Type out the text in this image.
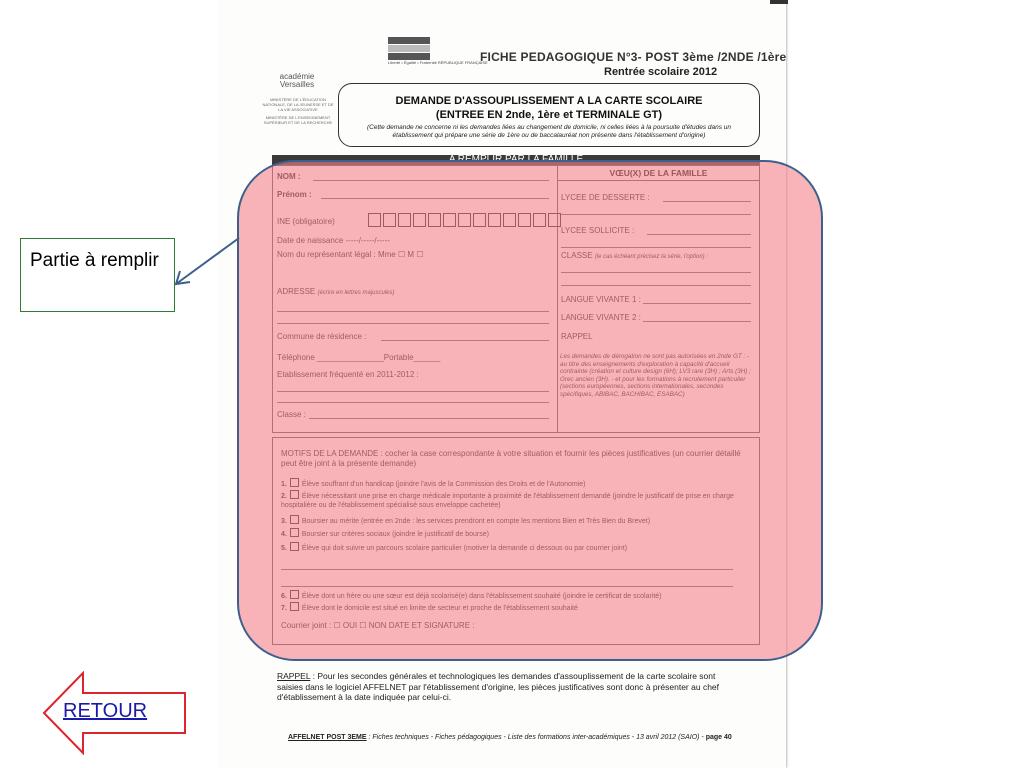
Liberté • Égalité • Fraternité RÉPUBLIQUE FRANÇAISE
FICHE PEDAGOGIQUE N°3- POST 3ème /2NDE /1ère
Rentrée scolaire 2012
académie Versailles
MINISTÈRE DE L'ÉDUCATION NATIONALE, DE LA JEUNESSE ET DE LA VIE ASSOCIATIVE
MINISTÈRE DE L'ENSEIGNEMENT SUPÉRIEUR ET DE LA RECHERCHE
DEMANDE D'ASSOUPLISSEMENT A LA CARTE SCOLAIRE
(ENTREE EN 2nde, 1ère et TERMINALE GT)
(Cette demande ne concerne ni les demandes liées au changement de domicile, ni celles liées à la poursuite d'études dans un établissement qui prépare une série de 1ère ou de baccalauréat non présente dans l'établissement d'origine)
RAPPEL : Pour les secondes générales et technologiques les demandes d'assouplissement de la carte scolaire sont saisies dans le logiciel AFFELNET par l'établissement d'origine, les pièces justificatives sont donc à présenter au chef d'établissement à la date indiquée par celui-ci.
AFFELNET POST 3EME : Fiches techniques - Fiches pédagogiques - Liste des formations inter-académiques - 13 avril 2012 (SAIO) - page 40
Partie à remplir
RETOUR
